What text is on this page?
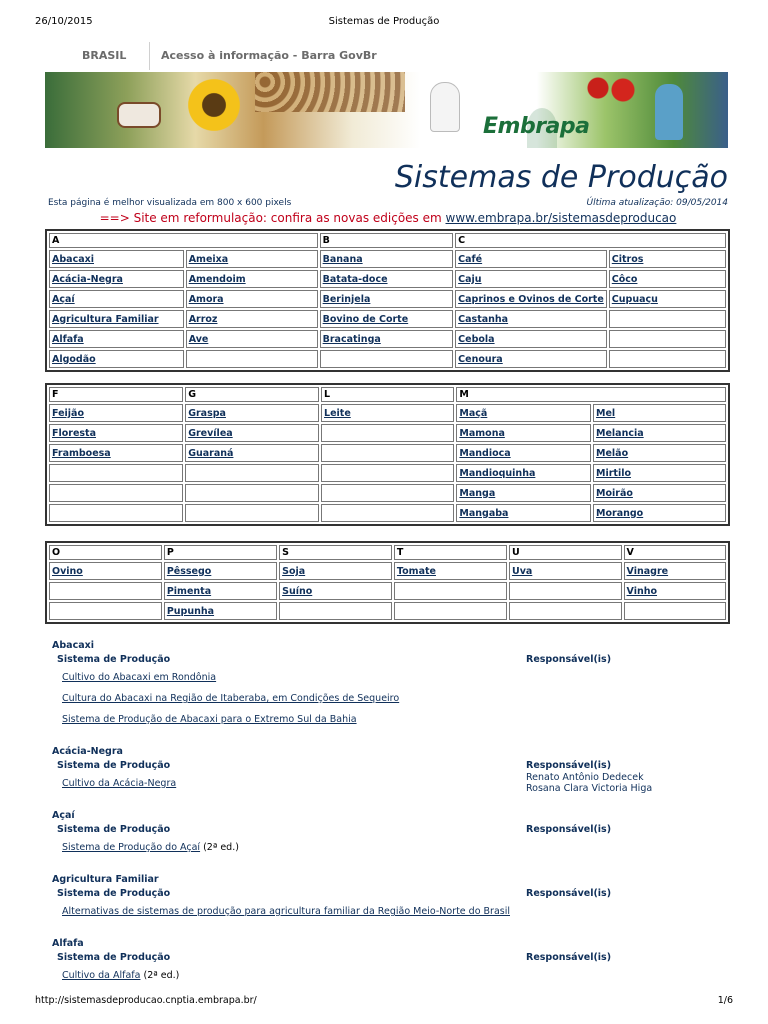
26/10/2015	Sistemas de Produção
BRASIL	Acesso à informação - Barra GovBr
Embrapa
Sistemas de Produção
Esta página é melhor visualizada em 800 x 600 pixels	Última atualização: 09/05/2014
==> Site em reformulação: confira as novas edições em www.embrapa.br/sistemasdeproducao
A		B	C	
Abacaxi	Ameixa	Banana	Café	Citros
Acácia-Negra	Amendoim	Batata-doce	Caju	Côco
Açaí	Amora	Berinjela	Caprinos e Ovinos de Corte	Cupuaçu
Agricultura Familiar	Arroz	Bovino de Corte	Castanha	
Alfafa	Ave	Bracatinga	Cebola	
Algodão			Cenoura	
F	G	L	M	
Feijão	Graspa	Leite	Maçã	Mel
Floresta	Grevílea		Mamona	Melancia
Framboesa	Guaraná		Mandioca	Melão
			Mandioquinha	Mirtilo
			Manga	Moirão
			Mangaba	Morango
O	P	S	T	U	V
Ovino	Pêssego	Soja	Tomate	Uva	Vinagre
	Pimenta	Suíno			Vinho
	Pupunha				
Abacaxi
Sistema de Produção	Responsável(is)
Cultivo do Abacaxi em Rondônia
Cultura do Abacaxi na Região de Itaberaba, em Condições de Sequeiro
Sistema de Produção de Abacaxi para o Extremo Sul da Bahia
Acácia-Negra
Sistema de Produção	Responsável(is)
Cultivo da Acácia-Negra
Renato Antônio Dedecek
Rosana Clara Victoria Higa
Açaí
Sistema de Produção	Responsável(is)
Sistema de Produção do Açaí (2ª ed.)
Agricultura Familiar
Sistema de Produção	Responsável(is)
Alternativas de sistemas de produção para agricultura familiar da Região Meio-Norte do Brasil
Alfafa
Sistema de Produção	Responsável(is)
Cultivo da Alfafa (2ª ed.)
http://sistemasdeproducao.cnptia.embrapa.br/	1/6
